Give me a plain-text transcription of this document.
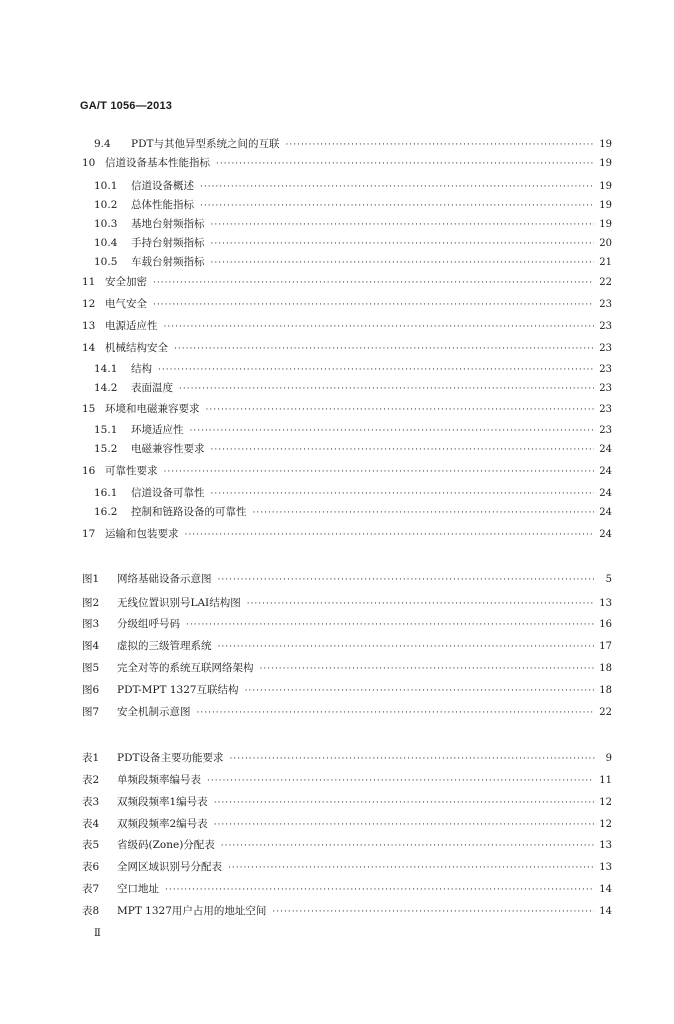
GA/T 1056—2013
9.4	PDT与其他异型系统之间的互联 ·····	19
10 信道设备基本性能指标 ·····	19
10.1	信道设备概述 ·····	19
10.2	总体性能指标 ·····	19
10.3	基地台射频指标 ·····	19
10.4	手持台射频指标 ·····	20
10.5	车载台射频指标 ·····	21
11 安全加密 ·····	22
12 电气安全 ·····	23
13 电源适应性 ·····	23
14 机械结构安全 ·····	23
14.1	结构 ·····	23
14.2	表面温度 ·····	23
15 环境和电磁兼容要求 ·····	23
15.1	环境适应性 ·····	23
15.2	电磁兼容性要求 ·····	24
16 可靠性要求 ·····	24
16.1	信道设备可靠性 ·····	24
16.2	控制和链路设备的可靠性 ·····	24
17 运输和包装要求 ·····	24
图1	网络基础设备示意图 ·····	5
图2	无线位置识别号LAI结构图 ·····	13
图3	分级组呼号码 ·····	16
图4	虚拟的三级管理系统 ·····	17
图5	完全对等的系统互联网络架构 ·····	18
图6	PDT-MPT 1327互联结构 ·····	18
图7	安全机制示意图 ·····	22
表1	PDT设备主要功能要求 ·····	9
表2	单频段频率编号表 ·····	11
表3	双频段频率1编号表 ·····	12
表4	双频段频率2编号表 ·····	12
表5	省级码(Zone)分配表 ·····	13
表6	全网区域识别号分配表 ·····	13
表7	空口地址 ·····	14
表8	MPT 1327用户占用的地址空间 ·····	14
Ⅱ
